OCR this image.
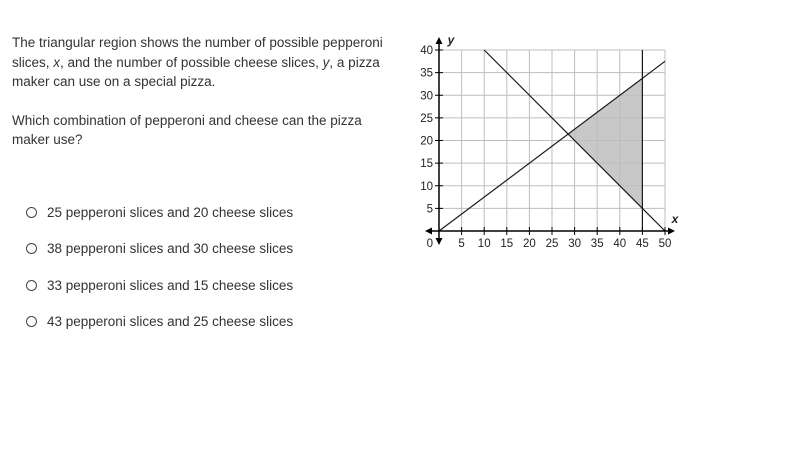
The triangular region shows the number of possible pepperoni slices, x, and the number of possible cheese slices, y, a pizza maker can use on a special pizza.

Which combination of pepperoni and cheese can the pizza maker use?

25 pepperoni slices and 20 cheese slices
38 pepperoni slices and 30 cheese slices
33 pepperoni slices and 15 cheese slices
43 pepperoni slices and 25 cheese slices
5 10 15 20 25 30 35 40 45 50
5
10
15
20
25
30
35
40
0
x
y
